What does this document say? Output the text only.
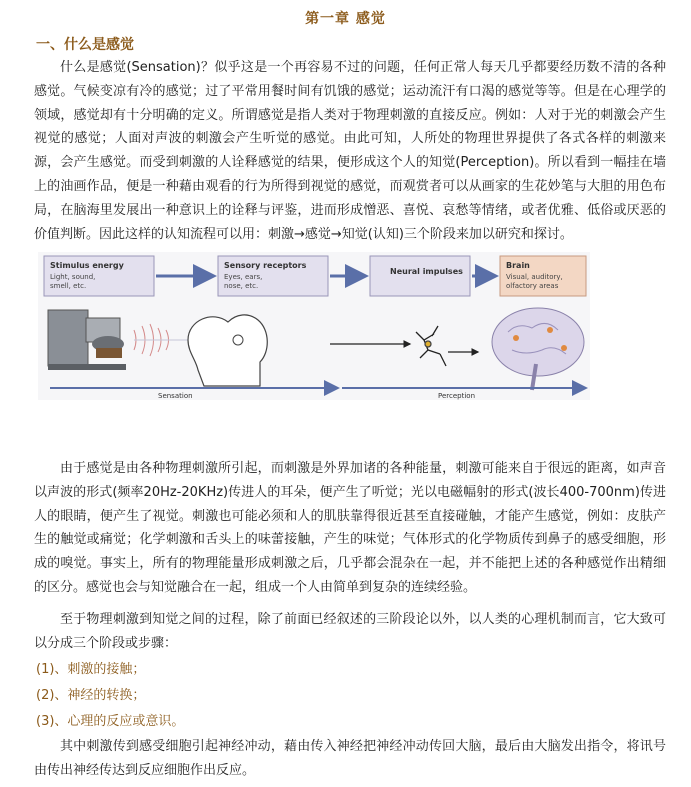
第一章 感觉
一、什么是感觉

什么是感觉(Sensation)？似乎这是一个再容易不过的问题，任何正常人每天几乎都要经历数不清的各种感觉。气候变凉有冷的感觉；过了平常用餐时间有饥饿的感觉；运动流汗有口渴的感觉等等。但是在心理学的领域，感觉却有十分明确的定义。所谓感觉是指人类对于物理刺激的直接反应。例如：人对于光的刺激会产生视觉的感觉；人面对声波的刺激会产生听觉的感觉。由此可知，人所处的物理世界提供了各式各样的刺激来源，会产生感觉。而受到刺激的人诠释感觉的结果，便形成这个人的知觉(Perception)。所以看到一幅挂在墙上的油画作品，便是一种藉由观看的行为所得到视觉的感觉，而观赏者可以从画家的生花妙笔与大胆的用色布局，在脑海里发展出一种意识上的诠释与评鉴，进而形成憎恶、喜悦、哀愁等情绪，或者优雅、低俗或厌恶的价值判断。因此这样的认知流程可以用：刺激→感觉→知觉(认知)三个阶段来加以研究和探讨。

Stimulus energy
Light, sound,
smell, etc.
Sensory receptors
Eyes, ears,
nose, etc.
Neural impulses
Brain
Visual, auditory,
olfactory areas
Sensation	Perception

由于感觉是由各种物理刺激所引起，而刺激是外界加诸的各种能量，刺激可能来自于很远的距离，如声音以声波的形式(频率20Hz-20KHz)传进人的耳朵，便产生了听觉；光以电磁幅射的形式(波长400-700nm)传进人的眼睛，便产生了视觉。刺激也可能必须和人的肌肤靠得很近甚至直接碰触，才能产生感觉，例如：皮肤产生的触觉或痛觉；化学刺激和舌头上的味蕾接触，产生的味觉；气体形式的化学物质传到鼻子的感受细胞，形成的嗅觉。事实上，所有的物理能量形成刺激之后，几乎都会混杂在一起，并不能把上述的各种感觉作出精细的区分。感觉也会与知觉融合在一起，组成一个人由简单到复杂的连续经验。

至于物理刺激到知觉之间的过程，除了前面已经叙述的三阶段论以外，以人类的心理机制而言，它大致可以分成三个阶段或步骤：

(1)、刺激的接触；
(2)、神经的转换；
(3)、心理的反应或意识。

其中刺激传到感受细胞引起神经冲动，藉由传入神经把神经冲动传回大脑，最后由大脑发出指令，将讯号由传出神经传达到反应细胞作出反应。
